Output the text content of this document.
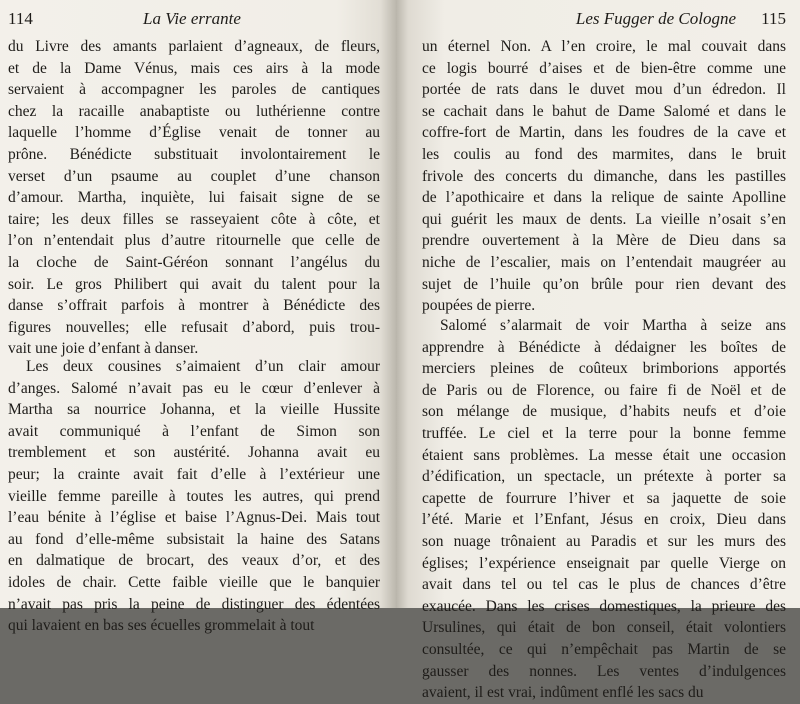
114	La Vie errante
du Livre des amants parlaient d’agneaux, de fleurs,
et de la Dame Vénus, mais ces airs à la mode
servaient à accompagner les paroles de cantiques
chez la racaille anabaptiste ou luthérienne contre
laquelle l’homme d’Église venait de tonner au
prône. Bénédicte substituait involontairement le
verset d’un psaume au couplet d’une chanson
d’amour. Martha, inquiète, lui faisait signe de se
taire; les deux filles se rasseyaient côte à côte, et
l’on n’entendait plus d’autre ritournelle que celle de
la cloche de Saint-Géréon sonnant l’angélus du
soir. Le gros Philibert qui avait du talent pour la
danse s’offrait parfois à montrer à Bénédicte des
figures nouvelles; elle refusait d’abord, puis trou-
vait une joie d’enfant à danser.
Les deux cousines s’aimaient d’un clair amour
d’anges. Salomé n’avait pas eu le cœur d’enlever à
Martha sa nourrice Johanna, et la vieille Hussite
avait communiqué à l’enfant de Simon son
tremblement et son austérité. Johanna avait eu
peur; la crainte avait fait d’elle à l’extérieur une
vieille femme pareille à toutes les autres, qui prend
l’eau bénite à l’église et baise l’Agnus-Dei. Mais tout
au fond d’elle-même subsistait la haine des Satans
en dalmatique de brocart, des veaux d’or, et des
idoles de chair. Cette faible vieille que le banquier
n’avait pas pris la peine de distinguer des édentées
qui lavaient en bas ses écuelles grommelait à tout
Les Fugger de Cologne 115
un éternel Non. A l’en croire, le mal couvait dans
ce logis bourré d’aises et de bien-être comme une
portée de rats dans le duvet mou d’un édredon. Il
se cachait dans le bahut de Dame Salomé et dans le
coffre-fort de Martin, dans les foudres de la cave et
les coulis au fond des marmites, dans le bruit
frivole des concerts du dimanche, dans les pastilles
de l’apothicaire et dans la relique de sainte Apolline
qui guérit les maux de dents. La vieille n’osait s’en
prendre ouvertement à la Mère de Dieu dans sa
niche de l’escalier, mais on l’entendait maugréer au
sujet de l’huile qu’on brûle pour rien devant des
poupées de pierre.
Salomé s’alarmait de voir Martha à seize ans
apprendre à Bénédicte à dédaigner les boîtes de
merciers pleines de coûteux brimborions apportés
de Paris ou de Florence, ou faire fi de Noël et de
son mélange de musique, d’habits neufs et d’oie
truffée. Le ciel et la terre pour la bonne femme
étaient sans problèmes. La messe était une occasion
d’édification, un spectacle, un prétexte à porter sa
capette de fourrure l’hiver et sa jaquette de soie
l’été. Marie et l’Enfant, Jésus en croix, Dieu dans
son nuage trônaient au Paradis et sur les murs des
églises; l’expérience enseignait par quelle Vierge on
avait dans tel ou tel cas le plus de chances d’être
exaucée. Dans les crises domestiques, la prieure des
Ursulines, qui était de bon conseil, était volontiers
consultée, ce qui n’empêchait pas Martin de se
gausser des nonnes. Les ventes d’indulgences
avaient, il est vrai, indûment enflé les sacs du
